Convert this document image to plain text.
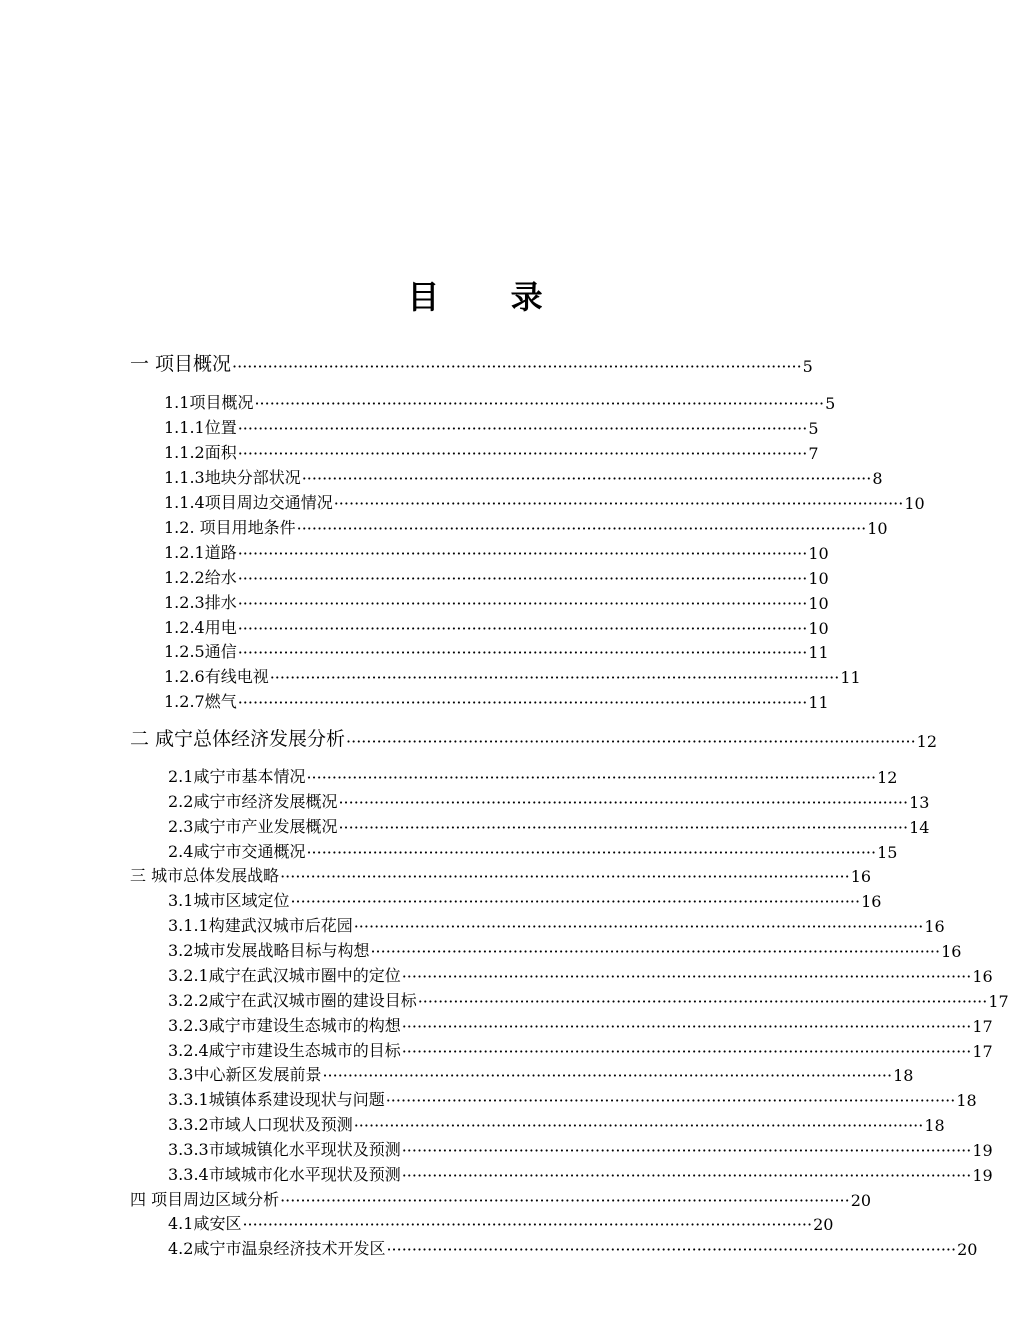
目 录
一 项目概况 ················································································································ 5
1.1项目概况 ················································································································ 5
1.1.1位置 ················································································································ 5
1.1.2面积 ················································································································ 7
1.1.3地块分部状况 ················································································································ 8
1.1.4项目周边交通情况 ················································································································ 10
1.2. 项目用地条件 ················································································································ 10
1.2.1道路 ················································································································ 10
1.2.2给水 ················································································································ 10
1.2.3排水 ················································································································ 10
1.2.4用电 ················································································································ 10
1.2.5通信 ················································································································ 11
1.2.6有线电视 ················································································································ 11
1.2.7燃气 ················································································································ 11
二 咸宁总体经济发展分析 ················································································································ 12
2.1咸宁市基本情况 ················································································································ 12
2.2咸宁市经济发展概况 ················································································································ 13
2.3咸宁市产业发展概况 ················································································································ 14
2.4咸宁市交通概况 ················································································································ 15
三 城市总体发展战略 ················································································································ 16
3.1城市区域定位 ················································································································ 16
3.1.1构建武汉城市后花园 ················································································································ 16
3.2城市发展战略目标与构想 ················································································································ 16
3.2.1咸宁在武汉城市圈中的定位 ················································································································ 16
3.2.2咸宁在武汉城市圈的建设目标 ················································································································ 17
3.2.3咸宁市建设生态城市的构想 ················································································································ 17
3.2.4咸宁市建设生态城市的目标 ················································································································ 17
3.3中心新区发展前景 ················································································································ 18
3.3.1城镇体系建设现状与问题 ················································································································ 18
3.3.2市域人口现状及预测 ················································································································ 18
3.3.3市域城镇化水平现状及预测 ················································································································ 19
3.3.4市域城市化水平现状及预测 ················································································································ 19
四 项目周边区域分析 ················································································································ 20
4.1咸安区 ················································································································ 20
4.2咸宁市温泉经济技术开发区 ················································································································ 20
